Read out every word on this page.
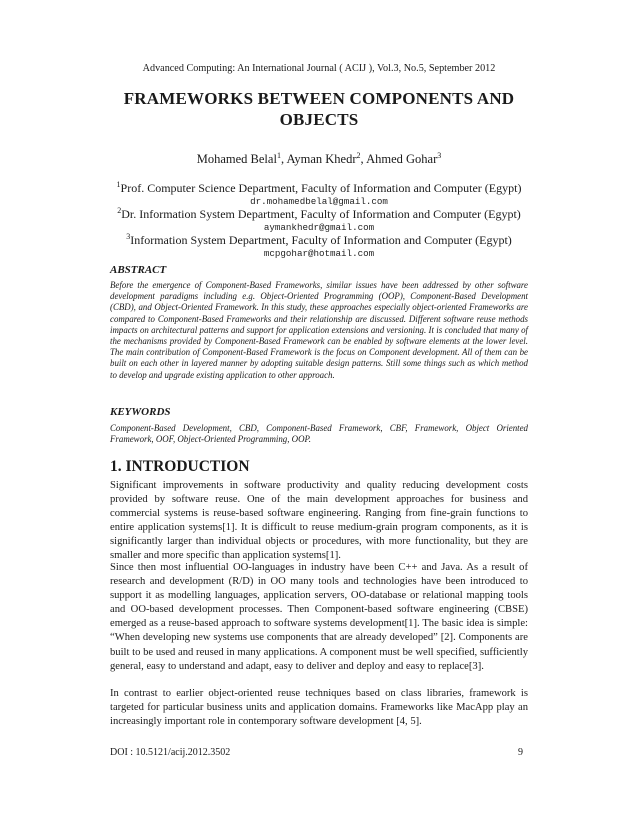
Advanced Computing: An International Journal ( ACIJ ), Vol.3, No.5, September 2012
FRAMEWORKS BETWEEN COMPONENTS AND OBJECTS
Mohamed Belal$^1$, Ayman Khedr$^2$, Ahmed Gohar$^3$
$^1$Prof. Computer Science Department, Faculty of Information and Computer (Egypt)
dr.mohamedbelal@gmail.com
$^2$Dr. Information System Department, Faculty of Information and Computer (Egypt)
aymankhedr@gmail.com
$^3$Information System Department, Faculty of Information and Computer (Egypt)
mcpgohar@hotmail.com
ABSTRACT
Before the emergence of Component-Based Frameworks, similar issues have been addressed by other software development paradigms including e.g. Object-Oriented Programming (OOP), Component-Based Development (CBD), and Object-Oriented Framework. In this study, these approaches especially object-oriented Frameworks are compared to Component-Based Frameworks and their relationship are discussed. Different software reuse methods impacts on architectural patterns and support for application extensions and versioning. It is concluded that many of the mechanisms provided by Component-Based Framework can be enabled by software elements at the lower level. The main contribution of Component-Based Framework is the focus on Component development. All of them can be built on each other in layered manner by adopting suitable design patterns. Still some things such as which method to develop and upgrade existing application to other approach.
KEYWORDS
Component-Based Development, CBD, Component-Based Framework, CBF, Framework, Object Oriented Framework, OOF, Object-Oriented Programming, OOP.
1. INTRODUCTION
Significant improvements in software productivity and quality reducing development costs provided by software reuse. One of the main development approaches for business and commercial systems is reuse-based software engineering. Ranging from fine-grain functions to entire application systems[1]. It is difficult to reuse medium-grain program components, as it is significantly larger than individual objects or procedures, with more functionality, but they are smaller and more specific than application systems[1].
Since then most influential OO-languages in industry have been C++ and Java. As a result of research and development (R/D) in OO many tools and technologies have been introduced to support it as modelling languages, application servers, OO-database or relational mapping tools and OO-based development processes. Then Component-based software engineering (CBSE) emerged as a reuse-based approach to software systems development[1]. The basic idea is simple: “When developing new systems use components that are already developed” [2]. Components are built to be used and reused in many applications. A component must be well specified, sufficiently general, easy to understand and adapt, easy to deliver and deploy and easy to replace[3].
In contrast to earlier object-oriented reuse techniques based on class libraries, framework is targeted for particular business units and application domains. Frameworks like MacApp play an increasingly important role in contemporary software development [4, 5].
DOI : 10.5121/acij.2012.3502	9
